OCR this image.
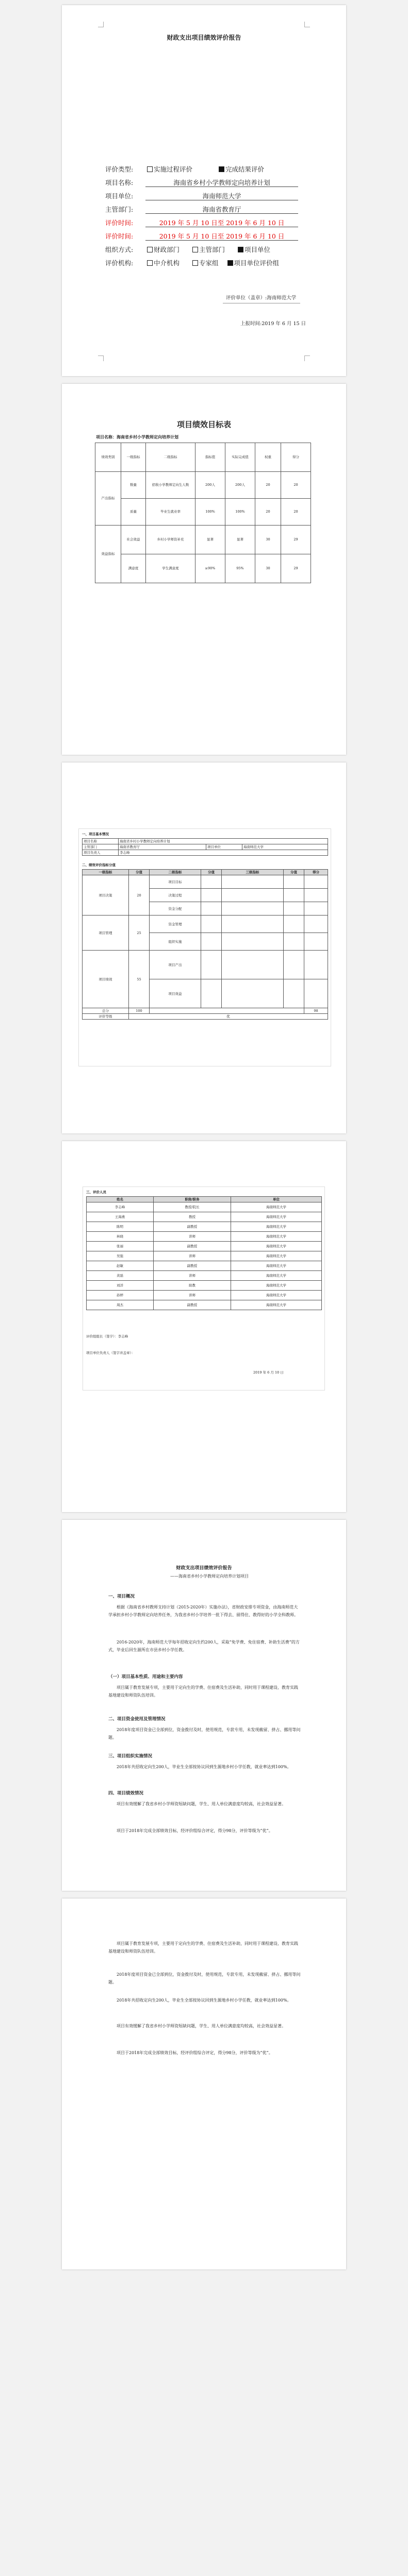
财政支出项目绩效评价报告
评价类型:	实施过程评价	完成结果评价
项目名称:	海南省乡村小学教师定向培养计划
项目单位:	海南师范大学
主管部门:	海南省教育厅
评价时间:	2019 年 5 月 10 日至 2019 年 6 月 10 日
评价时间:	2019 年 5 月 10 日至 2019 年 6 月 10 日
组织方式:	财政部门	主管部门	项目单位
评价机构:	中介机构	专家组 项目单位评价组
评价单位（盖章）:海南师范大学
上报时间:2019 年 6 月 15 日
项目绩效目标表
项目名称：海南省乡村小学教师定向培养计划
绩效类别	一级指标	二级指标	指标值	实际完成值	权重	得分
产出指标	数量	招收小学教师定向生人数	200人	200人	20	20
	质量	毕业生就业率	100%	100%	20	20
效益指标	社会效益	乡村小学师资补充	显著	显著	30	29
	满意度	学生满意度	≥90%	95%	30	29
一、项目基本情况
项目名称	海南省乡村小学教师定向培养计划		
主管部门	海南省教育厅	项目单位	海南师范大学
项目负责人	李志峰		
二、绩效评价指标分值
一级指标	分值	二级指标	分值	三级指标	分值	得分
项目决策	20	项目目标				
		决策过程				
		资金分配				
项目管理	25	资金管理				
		组织实施				
项目绩效	55	项目产出				
		项目效益				
总分	100					98
评价等级	优					
三、评价人员
姓名	职称/职务	单位
李志峰	教授/院长	海南师范大学
王海燕	教授	海南师范大学
陈明	副教授	海南师范大学
林晓	讲师	海南师范大学
张丽	副教授	海南师范大学
吴强	讲师	海南师范大学
赵敏	副教授	海南师范大学
黄磊	讲师	海南师范大学
刘洋	助教	海南师范大学
孙婷	讲师	海南师范大学
周杰	副教授	海南师范大学
评价组组长（签字）：李志峰
项目单位负责人（签字并盖章）：
2019 年 6 月 10 日
财政支出项目绩效评价报告
——海南省乡村小学教师定向培养计划项目
一、项目概况
根据《海南省乡村教师支持计划（2015-2020年）实施办法》，省财政安排专项资金，由海南师范大学承担乡村小学教师定向培养任务，为我省乡村小学培养一批下得去、留得住、教得好的小学全科教师。
2016-2020年，海南师范大学每年招收定向生约200人，采取“免学费、免住宿费、补助生活费”的方式，毕业后回生源所在市县乡村小学任教。
（一）项目基本性质、用途和主要内容
项目属于教育发展专项，主要用于定向生的学费、住宿费及生活补助，同时用于课程建设、教育实践基地建设和师资队伍培训。
二、项目资金使用及管理情况
2018年度项目资金已全部到位，资金拨付及时，使用规范，专款专用，未发现截留、挤占、挪用等问题。
三、项目组织实施情况
2018年共招收定向生200人，毕业生全部按协议回到生源地乡村小学任教，就业率达到100%。
四、项目绩效情况
项目有效缓解了我省乡村小学师资短缺问题，学生、用人单位满意度均较高，社会效益显著。
项目于2018年完成全部绩效目标，经评价组综合评定，得分98分，评价等级为“优”。
项目属于教育发展专项，主要用于定向生的学费、住宿费及生活补助，同时用于课程建设、教育实践基地建设和师资队伍培训。
2018年度项目资金已全部到位，资金拨付及时，使用规范，专款专用，未发现截留、挤占、挪用等问题。
2018年共招收定向生200人，毕业生全部按协议回到生源地乡村小学任教，就业率达到100%。
项目有效缓解了我省乡村小学师资短缺问题，学生、用人单位满意度均较高，社会效益显著。
项目于2018年完成全部绩效目标，经评价组综合评定，得分98分，评价等级为“优”。
